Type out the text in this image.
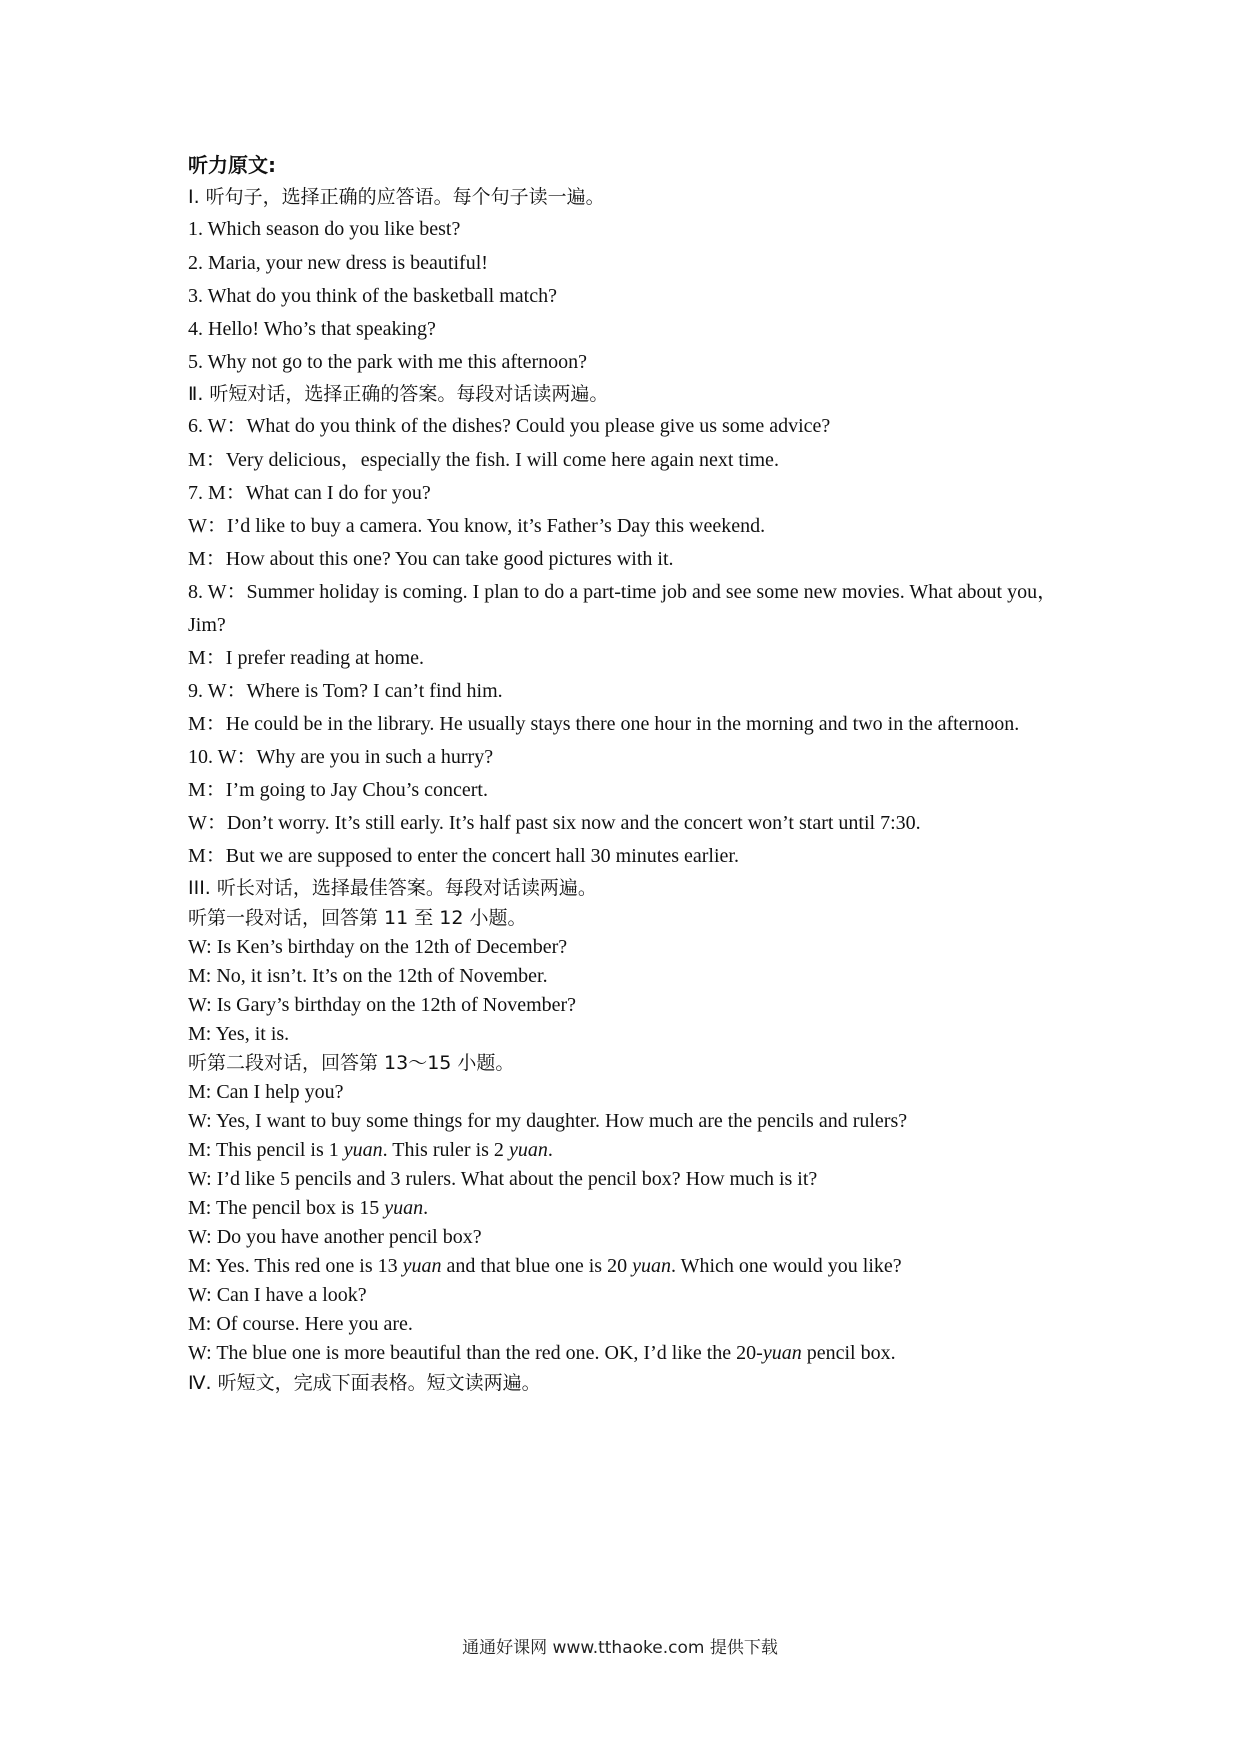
听力原文:
I. 听句子，选择正确的应答语。每个句子读一遍。
1. Which season do you like best?
2. Maria, your new dress is beautiful!
3. What do you think of the basketball match?
4. Hello! Who’s that speaking?
5. Why not go to the park with me this afternoon?
Ⅱ. 听短对话，选择正确的答案。每段对话读两遍。
6. W：What do you think of the dishes? Could you please give us some advice?
M：Very delicious，especially the fish. I will come here again next time.
7. M：What can I do for you?
W：I’d like to buy a camera. You know, it’s Father’s Day this weekend.
M：How about this one? You can take good pictures with it.
8. W：Summer holiday is coming. I plan to do a part-time job and see some new movies. What about you，Jim?
M：I prefer reading at home.
9. W：Where is Tom? I can’t find him.
M：He could be in the library. He usually stays there one hour in the morning and two in the afternoon.
10. W：Why are you in such a hurry?
M：I’m going to Jay Chou’s concert.
W：Don’t worry. It’s still early. It’s half past six now and the concert won’t start until 7:30.
M：But we are supposed to enter the concert hall 30 minutes earlier.
III. 听长对话，选择最佳答案。每段对话读两遍。
听第一段对话，回答第 11 至 12 小题。
W: Is Ken’s birthday on the 12th of December?
M: No, it isn’t. It’s on the 12th of November.
W: Is Gary’s birthday on the 12th of November?
M: Yes, it is.
听第二段对话，回答第 13～15 小题。
M: Can I help you?
W: Yes, I want to buy some things for my daughter. How much are the pencils and rulers?
M: This pencil is 1 yuan. This ruler is 2 yuan.
W: I’d like 5 pencils and 3 rulers. What about the pencil box? How much is it?
M: The pencil box is 15 yuan.
W: Do you have another pencil box?
M: Yes. This red one is 13 yuan and that blue one is 20 yuan. Which one would you like?
W: Can I have a look?
M: Of course. Here you are.
W: The blue one is more beautiful than the red one. OK, I’d like the 20-yuan pencil box.
Ⅳ. 听短文，完成下面表格。短文读两遍。
通通好课网 www.tthaoke.com 提供下载
